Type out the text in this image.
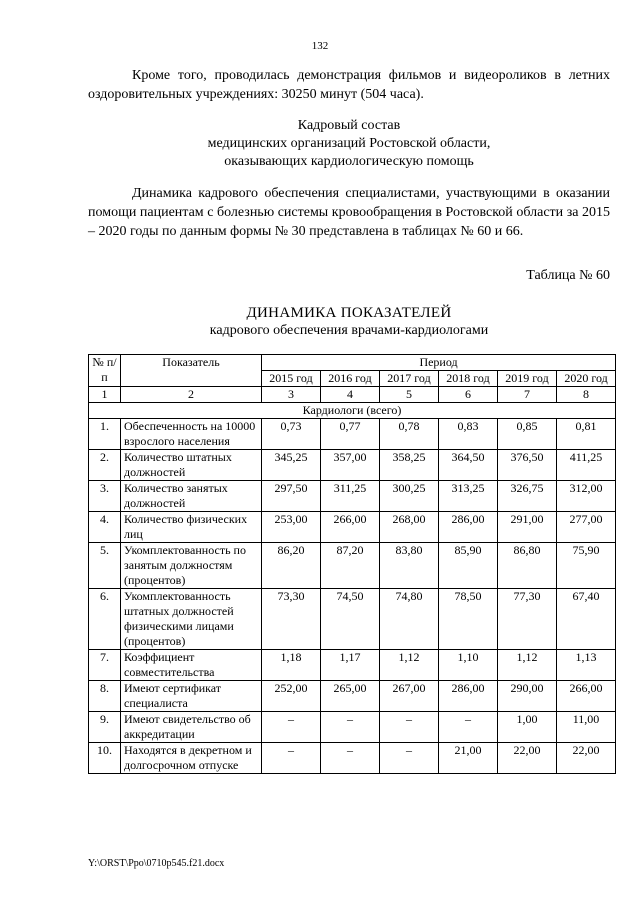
132

Кроме того, проводилась демонстрация фильмов и видеороликов в летних оздоровительных учреждениях: 30250 минут (504 часа).

Кадровый состав
медицинских организаций Ростовской области,
оказывающих кардиологическую помощь

Динамика кадрового обеспечения специалистами, участвующими в оказании помощи пациентам с болезнью системы кровообращения в Ростовской области за 2015 – 2020 годы по данным формы № 30 представлена в таблицах № 60 и 66.

Таблица № 60
ДИНАМИКА ПОКАЗАТЕЛЕЙ
кадрового обеспечения врачами-кардиологами
№ п/п	Показатель	Период					
		2015 год	2016 год	2017 год	2018 год	2019 год	2020 год
1	2	3	4	5	6	7	8
Кардиологи (всего)							
1.	Обеспеченность на 10000 взрослого населения	0,73	0,77	0,78	0,83	0,85	0,81
2.	Количество штатных должностей	345,25	357,00	358,25	364,50	376,50	411,25
3.	Количество занятых должностей	297,50	311,25	300,25	313,25	326,75	312,00
4.	Количество физических лиц	253,00	266,00	268,00	286,00	291,00	277,00
5.	Укомплектованность по занятым должностям (процентов)	86,20	87,20	83,80	85,90	86,80	75,90
6.	Укомплектованность штатных должностей физическими лицами (процентов)	73,30	74,50	74,80	78,50	77,30	67,40
7.	Коэффициент совместительства	1,18	1,17	1,12	1,10	1,12	1,13
8.	Имеют сертификат специалиста	252,00	265,00	267,00	286,00	290,00	266,00
9.	Имеют свидетельство об аккредитации	–	–	–	–	1,00	11,00
10.	Находятся в декретном и долгосрочном отпуске	–	–	–	21,00	22,00	22,00
Y:\ORST\Ppo\0710p545.f21.docx
